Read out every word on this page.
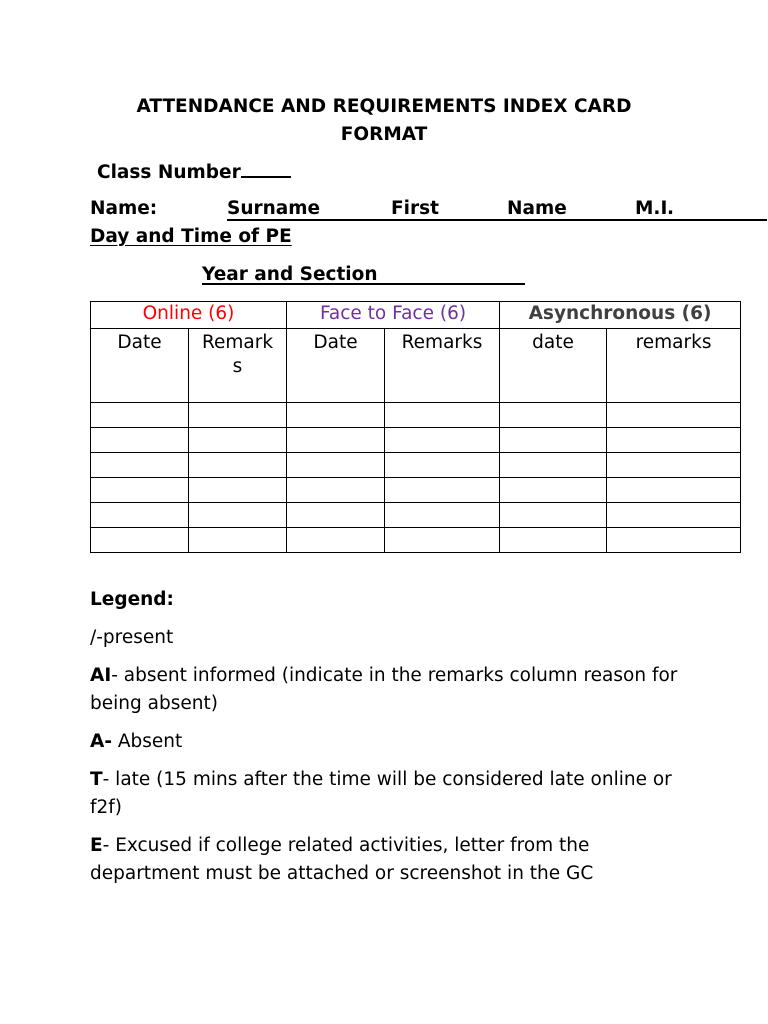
ATTENDANCE AND REQUIREMENTS INDEX CARD
FORMAT
Class Number
Name:	Surname	First	Name	M.I .
Day and Time of PE
Year and Section
Online (6)		Face to Face (6)		Asynchronous (6)	
Date	Remarks	Date	Remarks	date	remarks

Legend:

/-present

AI- absent informed (indicate in the remarks column reason for being absent)

A- Absent

T- late (15 mins after the time will be considered late online or f2f)

E- Excused if college related activities, letter from the department must be attached or screenshot in the GC
